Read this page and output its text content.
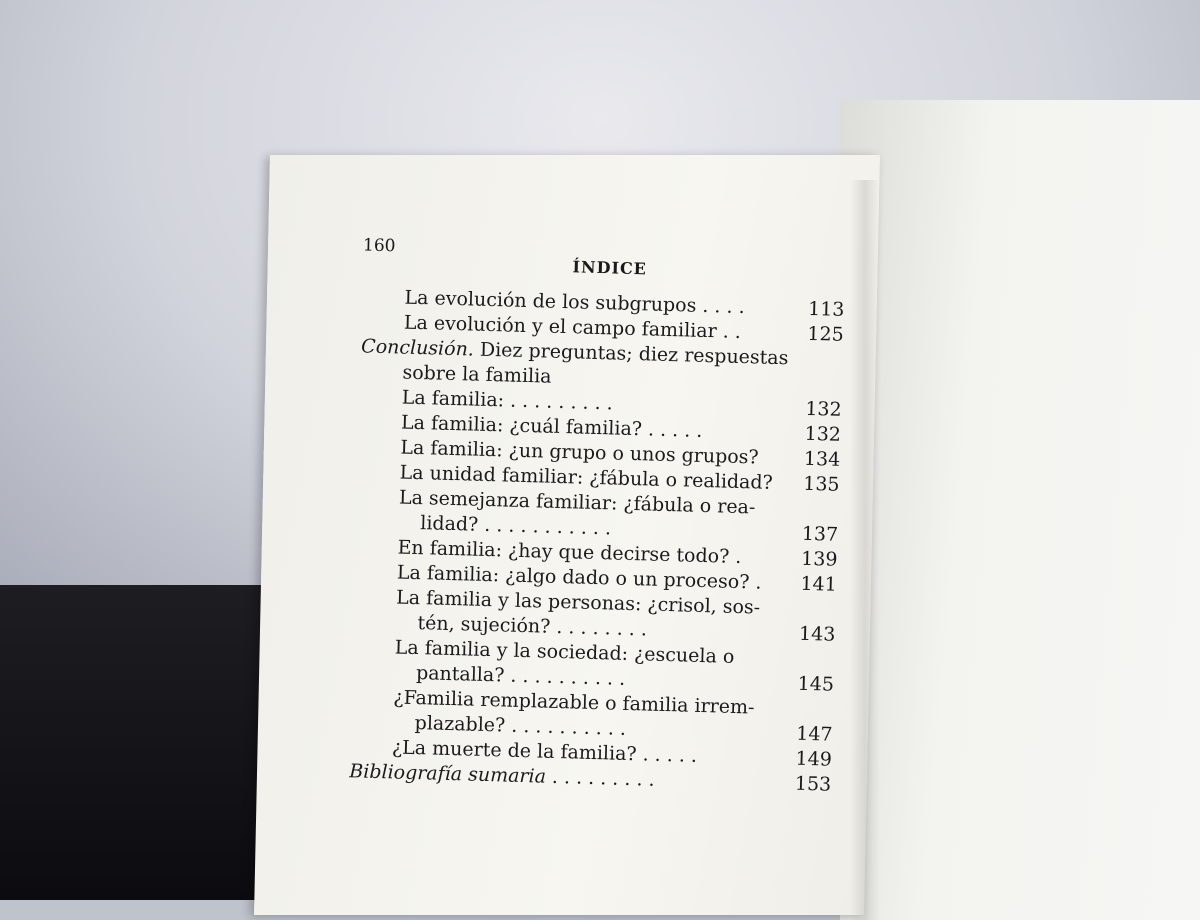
160
ÍNDICE
La evolución de los subgrupos . . . .	113
La evolución y el campo familiar . .	125
Conclusión. Diez preguntas; diez respuestas
sobre la familia
La familia: . . . . . . . . .	132
La familia: ¿cuál familia? . . . . .	132
La familia: ¿un grupo o unos grupos?	134
La unidad familiar: ¿fábula o realidad?	135
La semejanza familiar: ¿fábula o rea-
lidad? . . . . . . . . . . .	137
En familia: ¿hay que decirse todo? .	139
La familia: ¿algo dado o un proceso? .	141
La familia y las personas: ¿crisol, sos-
tén, sujeción? . . . . . . . .	143
La familia y la sociedad: ¿escuela o
pantalla? . . . . . . . . . .	145
¿Familia remplazable o familia irrem-
plazable? . . . . . . . . . .	147
¿La muerte de la familia? . . . . .	149
Bibliografía sumaria . . . . . . . . .	153
